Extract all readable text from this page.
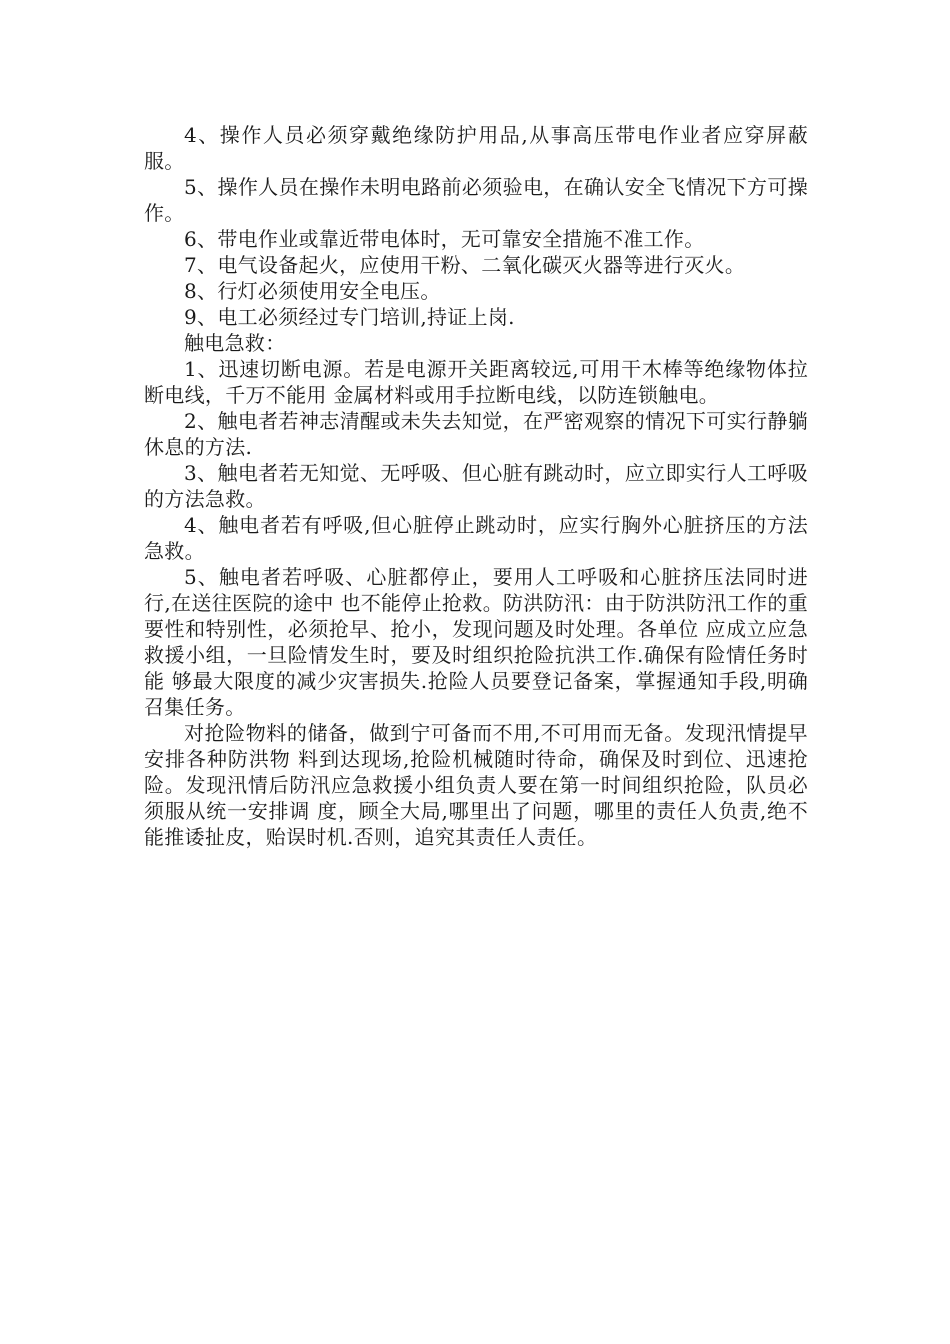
4、操作人员必须穿戴绝缘防护用品,从事高压带电作业者应穿屏蔽服。

5、操作人员在操作未明电路前必须验电，在确认安全飞情况下方可操作。

6、带电作业或靠近带电体时，无可靠安全措施不准工作。

7、电气设备起火，应使用干粉、二氧化碳灭火器等进行灭火。

8、行灯必须使用安全电压。

9、电工必须经过专门培训,持证上岗.

触电急救：

1、迅速切断电源。若是电源开关距离较远,可用干木棒等绝缘物体拉断电线，千万不能用 金属材料或用手拉断电线，以防连锁触电。

2、触电者若神志清醒或未失去知觉，在严密观察的情况下可实行静躺休息的方法.

3、触电者若无知觉、无呼吸、但心脏有跳动时，应立即实行人工呼吸的方法急救。

4、触电者若有呼吸,但心脏停止跳动时，应实行胸外心脏挤压的方法急救。

5、触电者若呼吸、心脏都停止，要用人工呼吸和心脏挤压法同时进行,在送往医院的途中 也不能停止抢救。防洪防汛：由于防洪防汛工作的重要性和特别性，必须抢早、抢小，发现问题及时处理。各单位 应成立应急救援小组，一旦险情发生时，要及时组织抢险抗洪工作.确保有险情任务时能 够最大限度的减少灾害损失.抢险人员要登记备案，掌握通知手段,明确召集任务。

对抢险物料的储备，做到宁可备而不用,不可用而无备。发现汛情提早安排各种防洪物 料到达现场,抢险机械随时待命，确保及时到位、迅速抢险。发现汛情后防汛应急救援小组负责人要在第一时间组织抢险，队员必须服从统一安排调 度，顾全大局,哪里出了问题，哪里的责任人负责,绝不能推诿扯皮，贻误时机.否则，追究其责任人责任。
